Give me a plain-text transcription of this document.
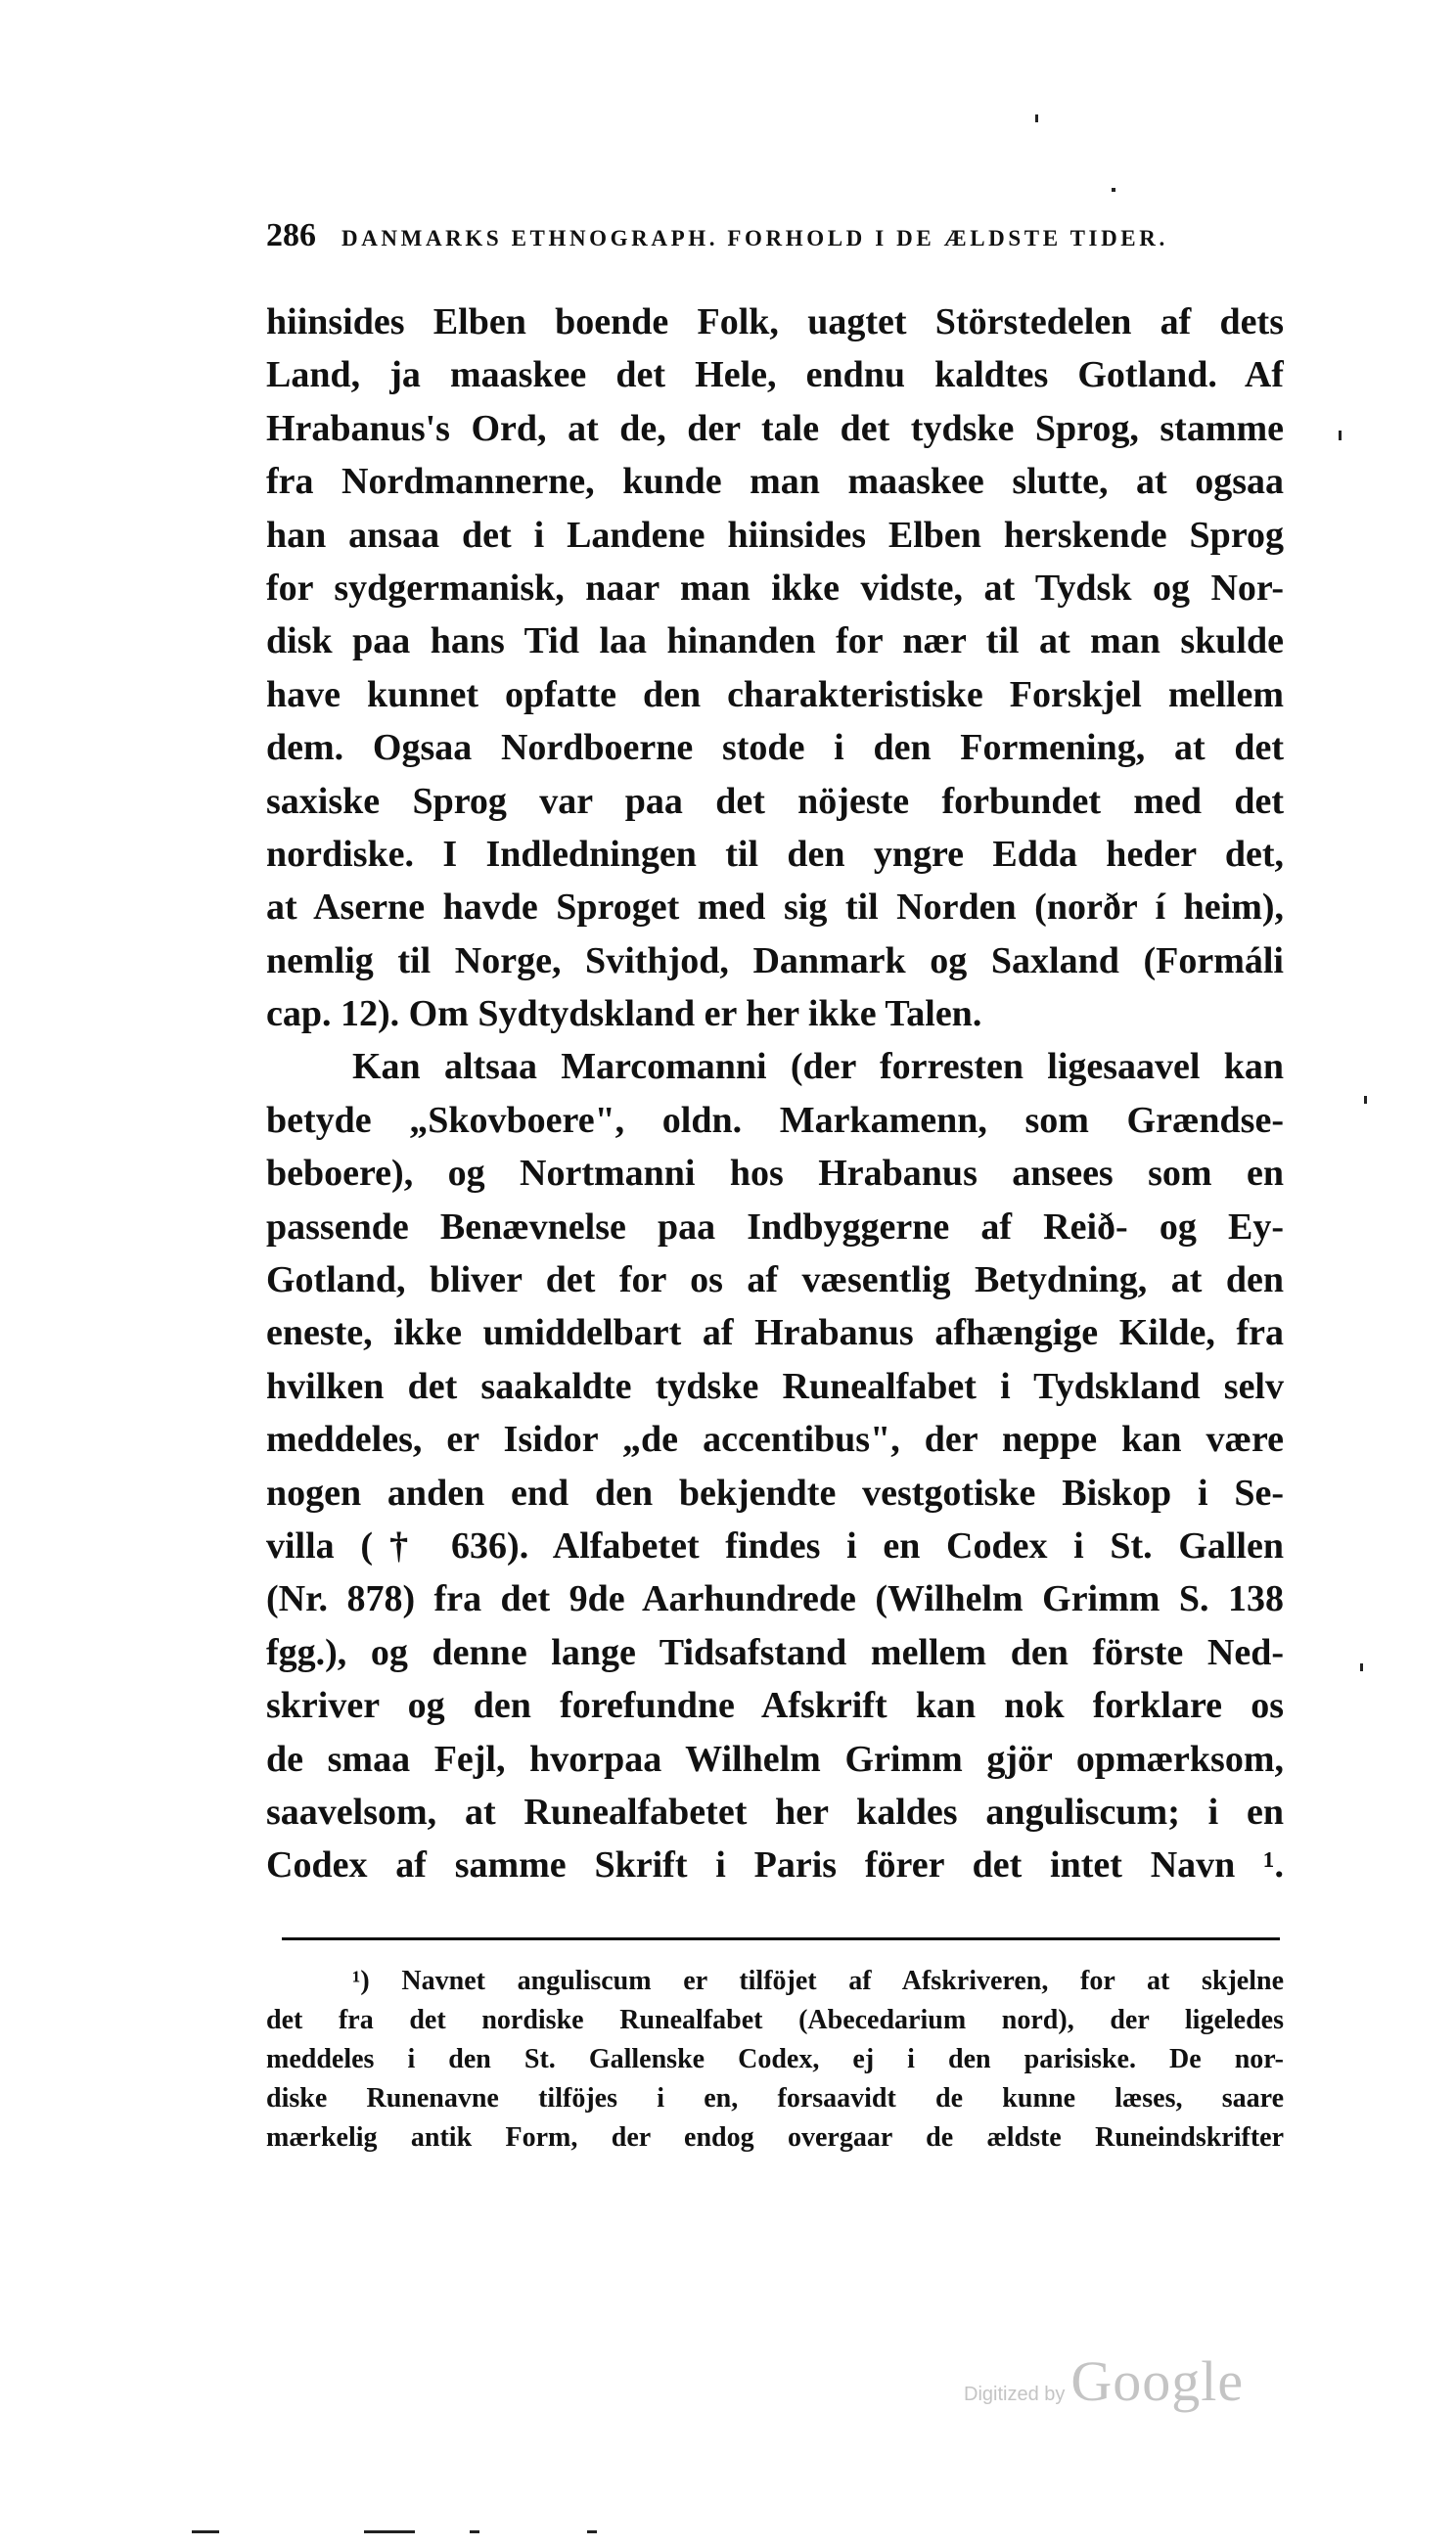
286 DANMARKS ETHNOGRAPH. FORHOLD I DE ÆLDSTE TIDER.
hiinsides Elben boende Folk, uagtet Störstedelen af dets
Land, ja maaskee det Hele, endnu kaldtes Gotland. Af
Hrabanus's Ord, at de, der tale det tydske Sprog, stamme
fra Nordmannerne, kunde man maaskee slutte, at ogsaa
han ansaa det i Landene hiinsides Elben herskende Sprog
for sydgermanisk, naar man ikke vidste, at Tydsk og Nor-
disk paa hans Tid laa hinanden for nær til at man skulde
have kunnet opfatte den charakteristiske Forskjel mellem
dem. Ogsaa Nordboerne stode i den Formening, at det
saxiske Sprog var paa det nöjeste forbundet med det
nordiske. I Indledningen til den yngre Edda heder det,
at Aserne havde Sproget med sig til Norden (norðr í heim),
nemlig til Norge, Svithjod, Danmark og Saxland (Formáli
cap. 12). Om Sydtydskland er her ikke Talen.
Kan altsaa Marcomanni (der forresten ligesaavel kan
betyde „Skovboere", oldn. Markamenn, som Grændse-
beboere), og Nortmanni hos Hrabanus ansees som en
passende Benævnelse paa Indbyggerne af Reið- og Ey-
Gotland, bliver det for os af væsentlig Betydning, at den
eneste, ikke umiddelbart af Hrabanus afhængige Kilde, fra
hvilken det saakaldte tydske Runealfabet i Tydskland selv
meddeles, er Isidor „de accentibus", der neppe kan være
nogen anden end den bekjendte vestgotiske Biskop i Se-
villa († 636). Alfabetet findes i en Codex i St. Gallen
(Nr. 878) fra det 9de Aarhundrede (Wilhelm Grimm S. 138
fgg.), og denne lange Tidsafstand mellem den förste Ned-
skriver og den forefundne Afskrift kan nok forklare os
de smaa Fejl, hvorpaa Wilhelm Grimm gjör opmærksom,
saavelsom, at Runealfabetet her kaldes anguliscum; i en
Codex af samme Skrift i Paris förer det intet Navn ¹.
¹) Navnet anguliscum er tilföjet af Afskriveren, for at skjelne
det fra det nordiske Runealfabet (Abecedarium nord), der ligeledes
meddeles i den St. Gallenske Codex, ej i den parisiske. De nor-
diske Runenavne tilföjes i en, forsaavidt de kunne læses, saare
mærkelig antik Form, der endog overgaar de ældste Runeindskrifter
Digitized by Google
